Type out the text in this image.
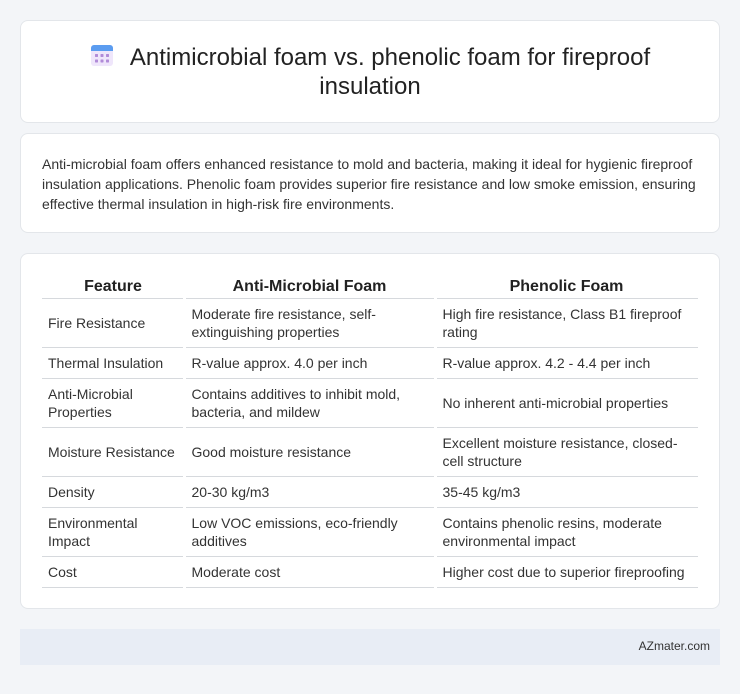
Antimicrobial foam vs. phenolic foam for fireproof
insulation

Anti-microbial foam offers enhanced resistance to mold and bacteria, making it ideal for hygienic fireproof insulation applications. Phenolic foam provides superior fire resistance and low smoke emission, ensuring effective thermal insulation in high-risk fire environments.

Feature	Anti-Microbial Foam	Phenolic Foam
Fire Resistance	Moderate fire resistance, self-extinguishing properties	High fire resistance, Class B1 fireproof rating
Thermal Insulation	R-value approx. 4.0 per inch	R-value approx. 4.2 - 4.4 per inch
Anti-Microbial Properties	Contains additives to inhibit mold, bacteria, and mildew	No inherent anti-microbial properties
Moisture Resistance	Good moisture resistance	Excellent moisture resistance, closed-cell structure
Density	20-30 kg/m3	35-45 kg/m3
Environmental Impact	Low VOC emissions, eco-friendly additives	Contains phenolic resins, moderate environmental impact
Cost	Moderate cost	Higher cost due to superior fireproofing
AZmater.com
